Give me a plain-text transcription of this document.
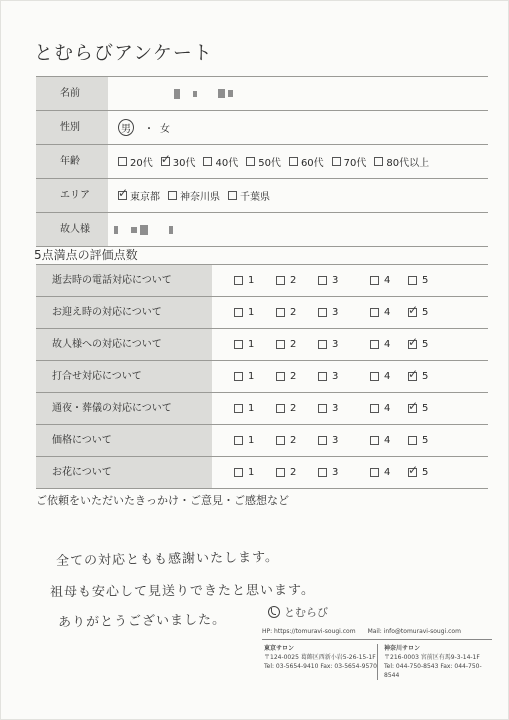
とむらびアンケート
名前
性別	男	・ 女
年齢	20代 ✓ 30代 40代 50代 60代 70代 80代以上
エリア	✓ 東京都 神奈川県 千葉県
故人様
5点満点の評価点数
逝去時の電話対応について	1	2	3	4	5
お迎え時の対応について	1	2	3	4 ✓ 5
故人様への対応について	1	2	3	4 ✓ 5
打合せ対応について	1	2	3	4 ✓ 5
通夜・葬儀の対応について	1	2	3	4 ✓ 5
価格について	1	2	3	4	5
お花について	1	2	3	4 ✓ 5
ご依頼をいただいたきっかけ・ご意見・ご感想など
全ての対応ともも感謝いたします。
祖母も安心して見送りできたと思います。
ありがとうございました。
とむらび
HP: https://tomuravi-sougi.com Mail: info@tomuravi-sougi.com
東京サロン
〒124-0025 葛飾区西新小岩5-26-15-1F
Tel: 03-5654-9410 Fax: 03-5654-9570
神奈川サロン
〒216-0003 宮前区有馬9-3-14-1F
Tel: 044-750-8543 Fax: 044-750-8544
